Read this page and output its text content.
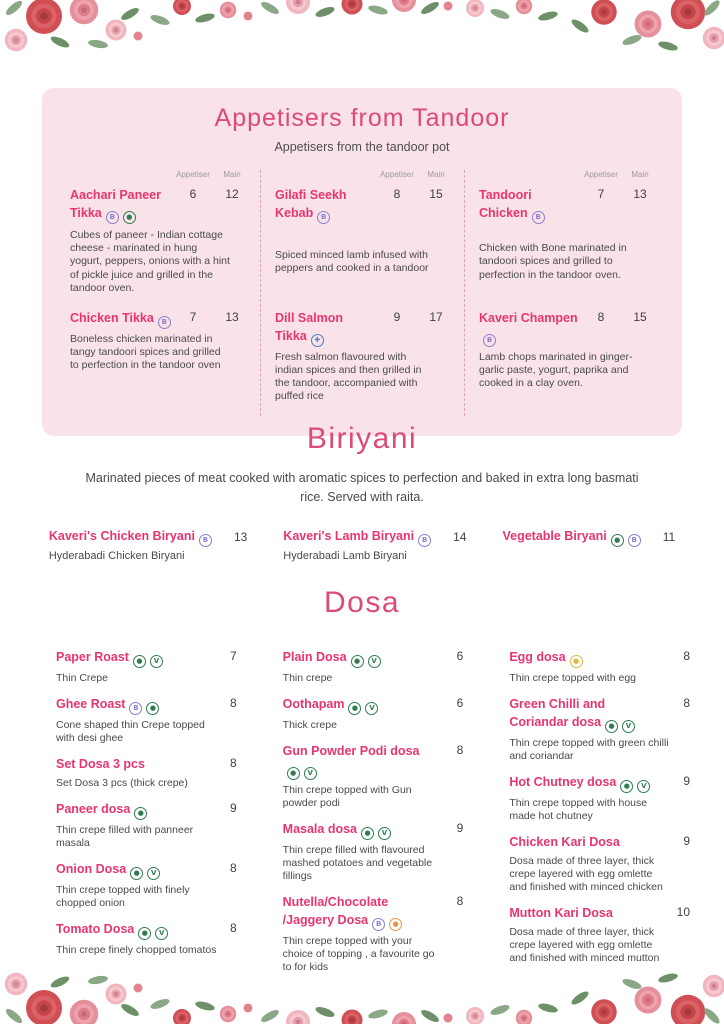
Appetisers from Tandoor

Appetisers from the tandoor pot

Appetiser	Main
Aachari Paneer Tikka B ●
6	12

Cubes of paneer - Indian cottage cheese - marinated in hung yogurt, peppers, onions with a hint of pickle juice and grilled in the tandoor oven.

Chicken Tikka B	7	13

Boneless chicken marinated in tangy tandoori spices and grilled to perfection in the tandoor oven

Appetiser	Main
Gilafi Seekh Kebab B
8	15

Spiced minced lamb infused with peppers and cooked in a tandoor

Dill Salmon Tikka ✚
9	17

Fresh salmon flavoured with indian spices and then grilled in the tandoor, accompanied with puffed rice

Appetiser	Main
Tandoori Chicken B
7	13

Chicken with Bone marinated in tandoori spices and grilled to perfection in the tandoor oven.

Kaveri ChampenB
8	15

Lamb chops marinated in ginger-garlic paste, yogurt, paprika and cooked in a clay oven.

Biriyani

Marinated pieces of meat cooked with aromatic spices to perfection and baked in extra long basmati rice. Served with raita.

Kaveri's Chicken Biryani	B	13

Hyderabadi Chicken Biryani

Kaveri's Lamb Biryani	B	14

Hyderabadi Lamb Biryani

Vegetable Biryani	● B	11

Dosa
Paper Roast ● V	7

Thin Crepe

Ghee Roast B ●	8

Cone shaped thin Crepe topped with desi ghee

Set Dosa 3 pcs	8

Set Dosa 3 pcs (thick crepe)

Paneer dosa ●	9

Thin crepe filled with panneer masala

Onion Dosa ● V	8

Thin crepe topped with finely chopped onion

Tomato Dosa ● V	8

Thin crepe finely chopped tomatos

Plain Dosa ● V	6

Thin crepe

Oothapam ● V	6

Thick crepe

Gun Powder Podi dosa● V
8

Thin crepe topped with Gun powder podi

Masala dosa ● V	9

Thin crepe filled with flavoured mashed potatoes and vegetable fillings

Nutella/Chocolate /Jaggery Dosa B ●
8

Thin crepe topped with your choice of topping , a favourite go to for kids

Egg dosa ●	8

Thin crepe topped with egg

Green Chilli and Coriandar dosa ● V
8

Thin crepe topped with green chilli and coriandar

Hot Chutney dosa ● V	9

Thin crepe topped with house made hot chutney

Chicken Kari Dosa	9

Dosa made of three layer, thick crepe layered with egg omlette and finished with minced chicken

Mutton Kari Dosa	10

Dosa made of three layer, thick crepe layered with egg omlette and finished with minced mutton
